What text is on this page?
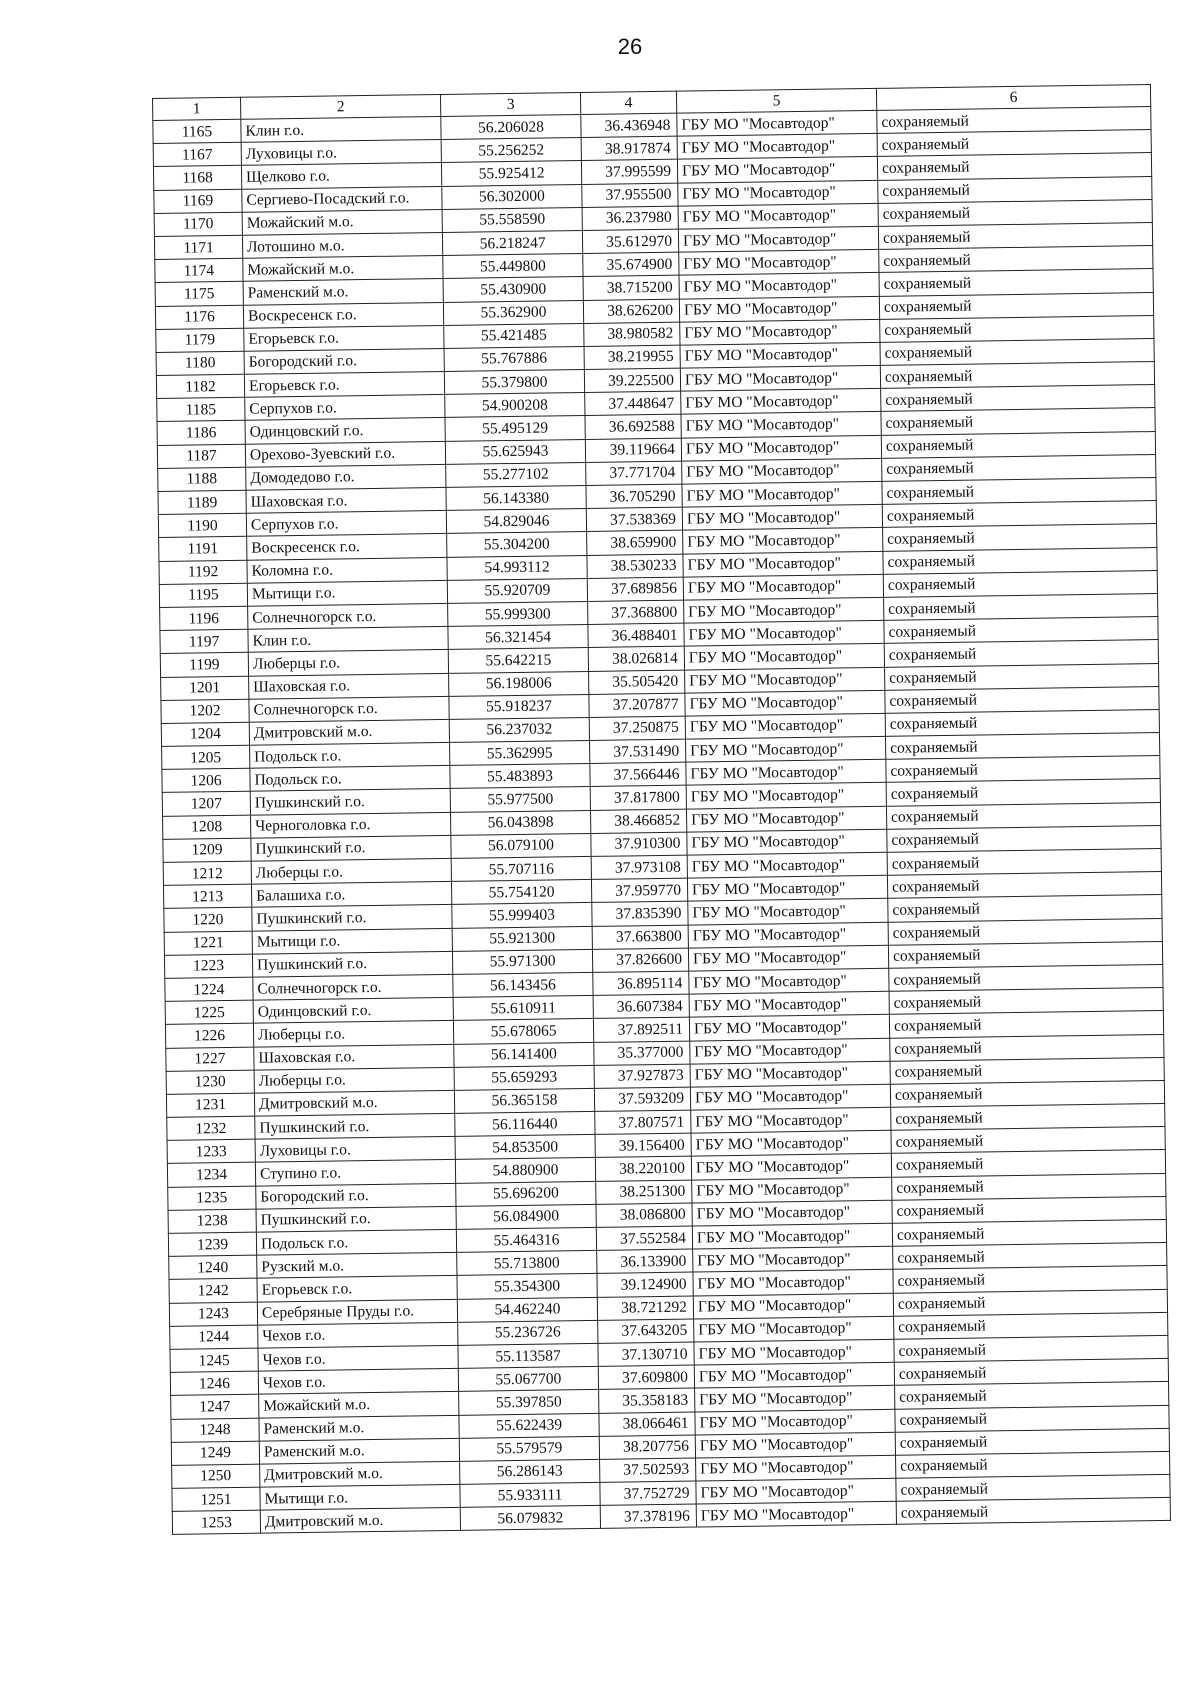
26
1	2	3	4	5	6
1165	Клин г.о.	56.206028	36.436948	ГБУ МО "Мосавтодор"	сохраняемый
1167	Луховицы г.о.	55.256252	38.917874	ГБУ МО "Мосавтодор"	сохраняемый
1168	Щелково г.о.	55.925412	37.995599	ГБУ МО "Мосавтодор"	сохраняемый
1169	Сергиево-Посадский г.о.	56.302000	37.955500	ГБУ МО "Мосавтодор"	сохраняемый
1170	Можайский м.о.	55.558590	36.237980	ГБУ МО "Мосавтодор"	сохраняемый
1171	Лотошино м.о.	56.218247	35.612970	ГБУ МО "Мосавтодор"	сохраняемый
1174	Можайский м.о.	55.449800	35.674900	ГБУ МО "Мосавтодор"	сохраняемый
1175	Раменский м.о.	55.430900	38.715200	ГБУ МО "Мосавтодор"	сохраняемый
1176	Воскресенск г.о.	55.362900	38.626200	ГБУ МО "Мосавтодор"	сохраняемый
1179	Егорьевск г.о.	55.421485	38.980582	ГБУ МО "Мосавтодор"	сохраняемый
1180	Богородский г.о.	55.767886	38.219955	ГБУ МО "Мосавтодор"	сохраняемый
1182	Егорьевск г.о.	55.379800	39.225500	ГБУ МО "Мосавтодор"	сохраняемый
1185	Серпухов г.о.	54.900208	37.448647	ГБУ МО "Мосавтодор"	сохраняемый
1186	Одинцовский г.о.	55.495129	36.692588	ГБУ МО "Мосавтодор"	сохраняемый
1187	Орехово-Зуевский г.о.	55.625943	39.119664	ГБУ МО "Мосавтодор"	сохраняемый
1188	Домодедово г.о.	55.277102	37.771704	ГБУ МО "Мосавтодор"	сохраняемый
1189	Шаховская г.о.	56.143380	36.705290	ГБУ МО "Мосавтодор"	сохраняемый
1190	Серпухов г.о.	54.829046	37.538369	ГБУ МО "Мосавтодор"	сохраняемый
1191	Воскресенск г.о.	55.304200	38.659900	ГБУ МО "Мосавтодор"	сохраняемый
1192	Коломна г.о.	54.993112	38.530233	ГБУ МО "Мосавтодор"	сохраняемый
1195	Мытищи г.о.	55.920709	37.689856	ГБУ МО "Мосавтодор"	сохраняемый
1196	Солнечногорск г.о.	55.999300	37.368800	ГБУ МО "Мосавтодор"	сохраняемый
1197	Клин г.о.	56.321454	36.488401	ГБУ МО "Мосавтодор"	сохраняемый
1199	Люберцы г.о.	55.642215	38.026814	ГБУ МО "Мосавтодор"	сохраняемый
1201	Шаховская г.о.	56.198006	35.505420	ГБУ МО "Мосавтодор"	сохраняемый
1202	Солнечногорск г.о.	55.918237	37.207877	ГБУ МО "Мосавтодор"	сохраняемый
1204	Дмитровский м.о.	56.237032	37.250875	ГБУ МО "Мосавтодор"	сохраняемый
1205	Подольск г.о.	55.362995	37.531490	ГБУ МО "Мосавтодор"	сохраняемый
1206	Подольск г.о.	55.483893	37.566446	ГБУ МО "Мосавтодор"	сохраняемый
1207	Пушкинский г.о.	55.977500	37.817800	ГБУ МО "Мосавтодор"	сохраняемый
1208	Черноголовка г.о.	56.043898	38.466852	ГБУ МО "Мосавтодор"	сохраняемый
1209	Пушкинский г.о.	56.079100	37.910300	ГБУ МО "Мосавтодор"	сохраняемый
1212	Люберцы г.о.	55.707116	37.973108	ГБУ МО "Мосавтодор"	сохраняемый
1213	Балашиха г.о.	55.754120	37.959770	ГБУ МО "Мосавтодор"	сохраняемый
1220	Пушкинский г.о.	55.999403	37.835390	ГБУ МО "Мосавтодор"	сохраняемый
1221	Мытищи г.о.	55.921300	37.663800	ГБУ МО "Мосавтодор"	сохраняемый
1223	Пушкинский г.о.	55.971300	37.826600	ГБУ МО "Мосавтодор"	сохраняемый
1224	Солнечногорск г.о.	56.143456	36.895114	ГБУ МО "Мосавтодор"	сохраняемый
1225	Одинцовский г.о.	55.610911	36.607384	ГБУ МО "Мосавтодор"	сохраняемый
1226	Люберцы г.о.	55.678065	37.892511	ГБУ МО "Мосавтодор"	сохраняемый
1227	Шаховская г.о.	56.141400	35.377000	ГБУ МО "Мосавтодор"	сохраняемый
1230	Люберцы г.о.	55.659293	37.927873	ГБУ МО "Мосавтодор"	сохраняемый
1231	Дмитровский м.о.	56.365158	37.593209	ГБУ МО "Мосавтодор"	сохраняемый
1232	Пушкинский г.о.	56.116440	37.807571	ГБУ МО "Мосавтодор"	сохраняемый
1233	Луховицы г.о.	54.853500	39.156400	ГБУ МО "Мосавтодор"	сохраняемый
1234	Ступино г.о.	54.880900	38.220100	ГБУ МО "Мосавтодор"	сохраняемый
1235	Богородский г.о.	55.696200	38.251300	ГБУ МО "Мосавтодор"	сохраняемый
1238	Пушкинский г.о.	56.084900	38.086800	ГБУ МО "Мосавтодор"	сохраняемый
1239	Подольск г.о.	55.464316	37.552584	ГБУ МО "Мосавтодор"	сохраняемый
1240	Рузский м.о.	55.713800	36.133900	ГБУ МО "Мосавтодор"	сохраняемый
1242	Егорьевск г.о.	55.354300	39.124900	ГБУ МО "Мосавтодор"	сохраняемый
1243	Серебряные Пруды г.о.	54.462240	38.721292	ГБУ МО "Мосавтодор"	сохраняемый
1244	Чехов г.о.	55.236726	37.643205	ГБУ МО "Мосавтодор"	сохраняемый
1245	Чехов г.о.	55.113587	37.130710	ГБУ МО "Мосавтодор"	сохраняемый
1246	Чехов г.о.	55.067700	37.609800	ГБУ МО "Мосавтодор"	сохраняемый
1247	Можайский м.о.	55.397850	35.358183	ГБУ МО "Мосавтодор"	сохраняемый
1248	Раменский м.о.	55.622439	38.066461	ГБУ МО "Мосавтодор"	сохраняемый
1249	Раменский м.о.	55.579579	38.207756	ГБУ МО "Мосавтодор"	сохраняемый
1250	Дмитровский м.о.	56.286143	37.502593	ГБУ МО "Мосавтодор"	сохраняемый
1251	Мытищи г.о.	55.933111	37.752729	ГБУ МО "Мосавтодор"	сохраняемый
1253	Дмитровский м.о.	56.079832	37.378196	ГБУ МО "Мосавтодор"	сохраняемый
